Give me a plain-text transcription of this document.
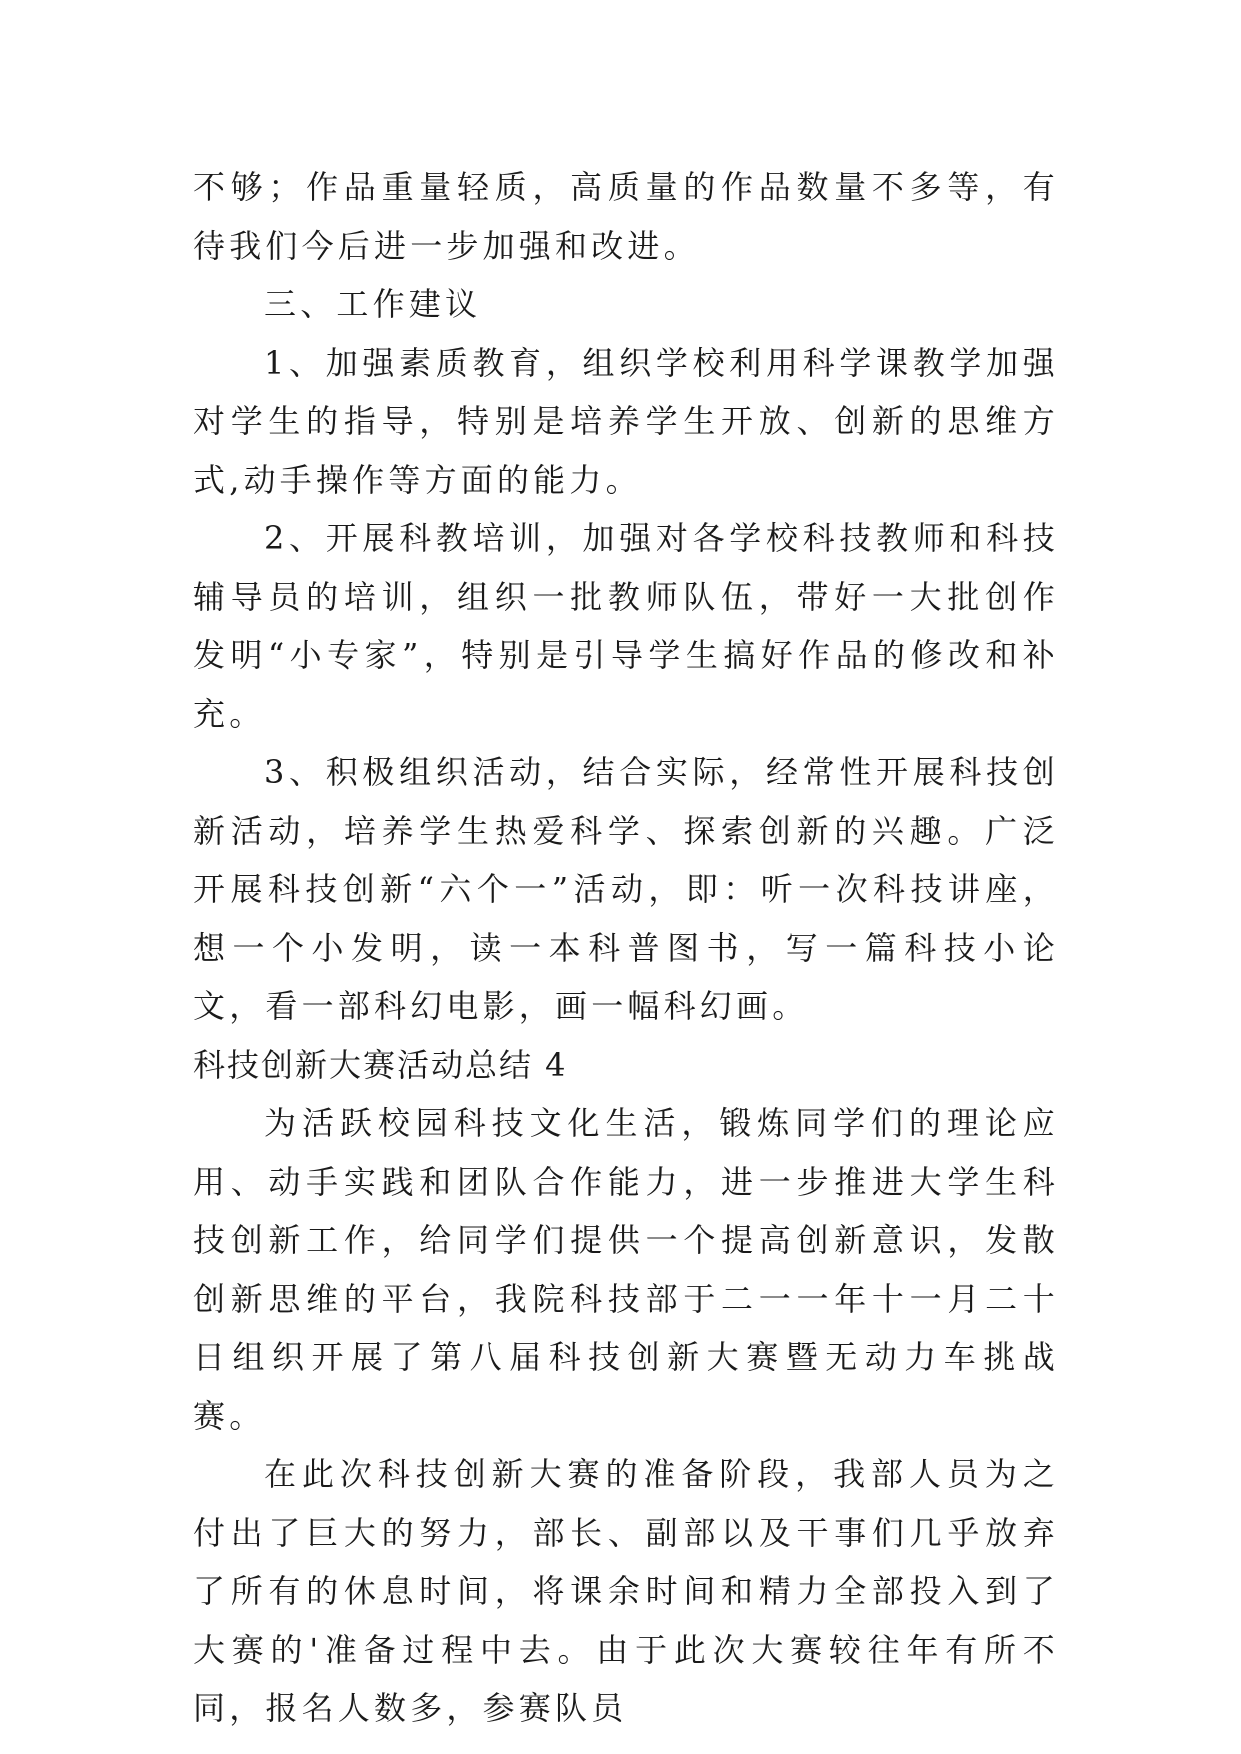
不够；作品重量轻质，高质量的作品数量不多等，有待我们今后进一步加强和改进。

三、工作建议

1、加强素质教育，组织学校利用科学课教学加强对学生的指导，特别是培养学生开放、创新的思维方式,动手操作等方面的能力。

2、开展科教培训，加强对各学校科技教师和科技辅导员的培训，组织一批教师队伍，带好一大批创作发明“小专家”，特别是引导学生搞好作品的修改和补充。

3、积极组织活动，结合实际，经常性开展科技创新活动，培养学生热爱科学、探索创新的兴趣。广泛开展科技创新“六个一”活动，即：听一次科技讲座，想一个小发明，读一本科普图书，写一篇科技小论文，看一部科幻电影，画一幅科幻画。

科技创新大赛活动总结 4

为活跃校园科技文化生活，锻炼同学们的理论应用、动手实践和团队合作能力，进一步推进大学生科技创新工作，给同学们提供一个提高创新意识，发散创新思维的平台，我院科技部于二一一年十一月二十日组织开展了第八届科技创新大赛暨无动力车挑战赛。

在此次科技创新大赛的准备阶段，我部人员为之付出了巨大的努力，部长、副部以及干事们几乎放弃了所有的休息时间，将课余时间和精力全部投入到了大赛的'准备过程中去。由于此次大赛较往年有所不同，报名人数多，参赛队员
